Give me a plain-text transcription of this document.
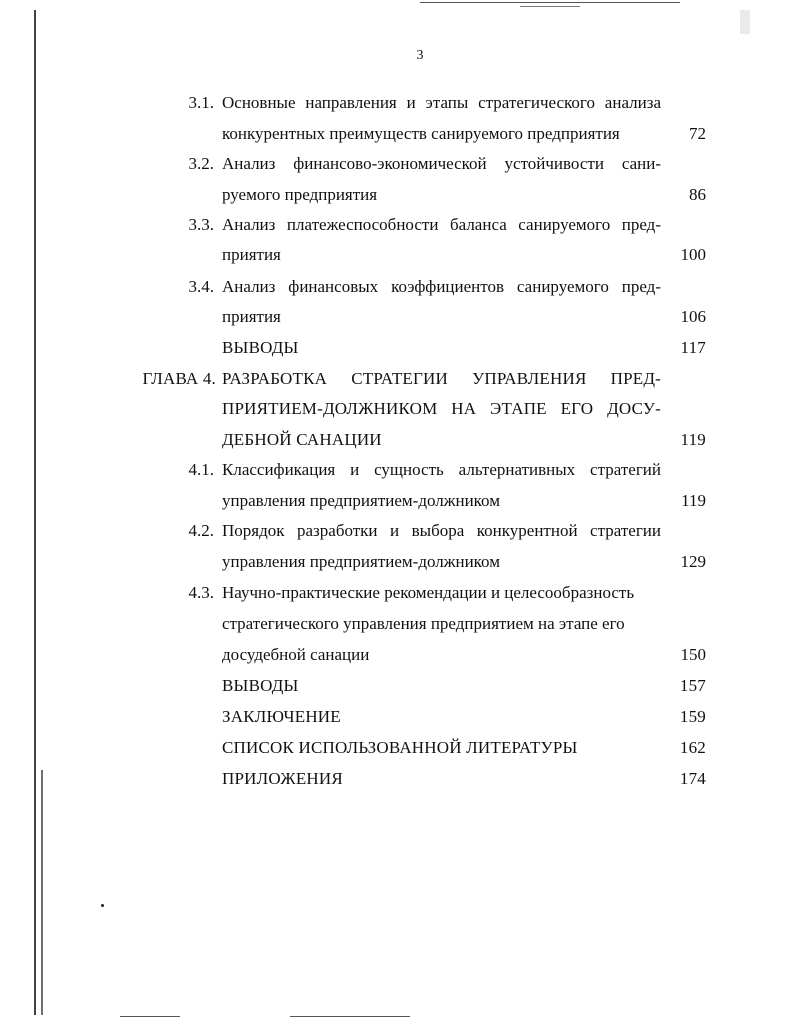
3
3.1. Основные направления и этапы стратегического анализа
конкурентных преимуществ санируемого предприятия	72
3.2. Анализ финансово-экономической устойчивости сани-
руемого предприятия	86
3.3. Анализ платежеспособности баланса санируемого пред-
приятия	100
3.4. Анализ финансовых коэффициентов санируемого пред-
приятия	106
ВЫВОДЫ	117
ГЛАВА 4. РАЗРАБОТКА СТРАТЕГИИ УПРАВЛЕНИЯ ПРЕД-
ПРИЯТИЕМ-ДОЛЖНИКОМ НА ЭТАПЕ ЕГО ДОСУ-
ДЕБНОЙ САНАЦИИ	119
4.1. Классификация и сущность альтернативных стратегий
управления предприятием-должником	119
4.2. Порядок разработки и выбора конкурентной стратегии
управления предприятием-должником	129
4.3. Научно-практические рекомендации и целесообразность
стратегического управления предприятием на этапе его
досудебной санации	150
ВЫВОДЫ	157
ЗАКЛЮЧЕНИЕ	159
СПИСОК ИСПОЛЬЗОВАННОЙ ЛИТЕРАТУРЫ	162
ПРИЛОЖЕНИЯ	174
